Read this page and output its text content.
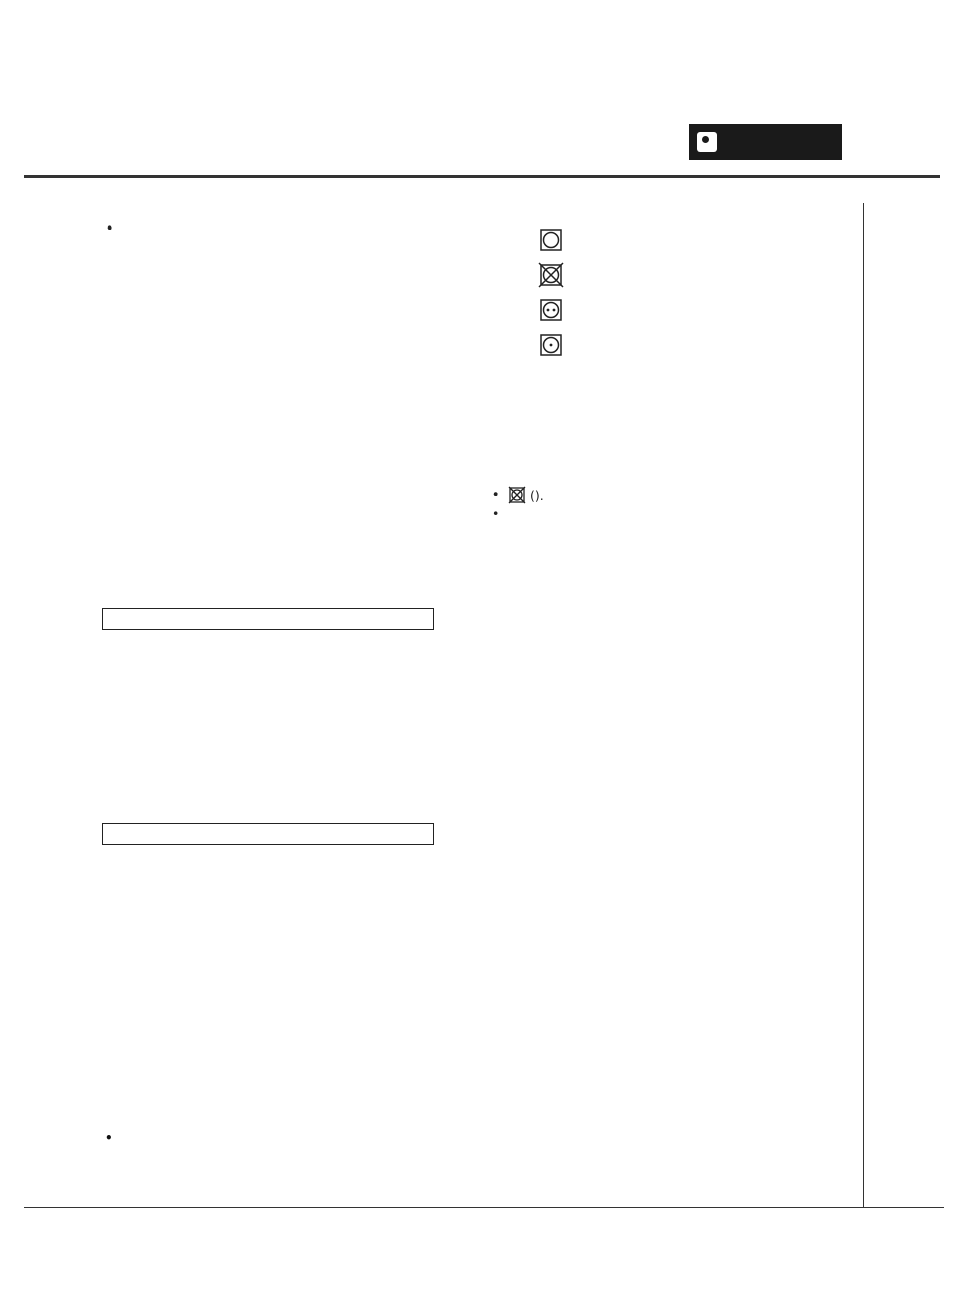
•
• ().
